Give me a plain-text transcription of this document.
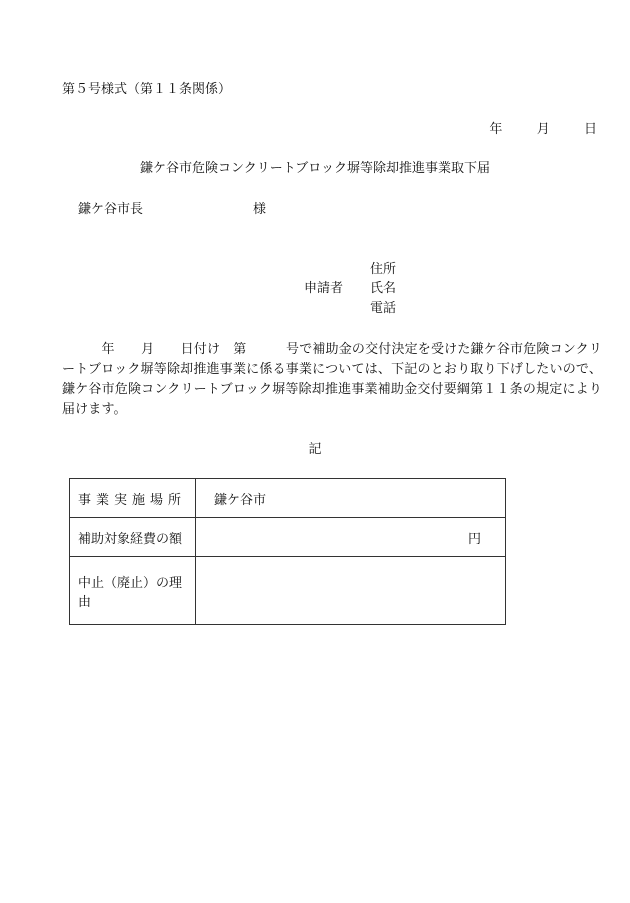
第５号様式（第１１条関係）
年	月	日
鎌ケ谷市危険コンクリートブロック塀等除却推進事業取下届
鎌ケ谷市長	様
申請者
住所
氏名
電話
　　　年　　月　　日付け　第　　　号で補助金の交付決定を受けた鎌ケ谷市危険コンクリートブロック塀等除却推進事業に係る事業については、下記のとおり取り下げしたいので、鎌ケ谷市危険コンクリートブロック塀等除却推進事業補助金交付要綱第１１条の規定により届けます。
記
事業実施場所	鎌ケ谷市
補助対象経費の額	円
中止（廃止）の理由	
